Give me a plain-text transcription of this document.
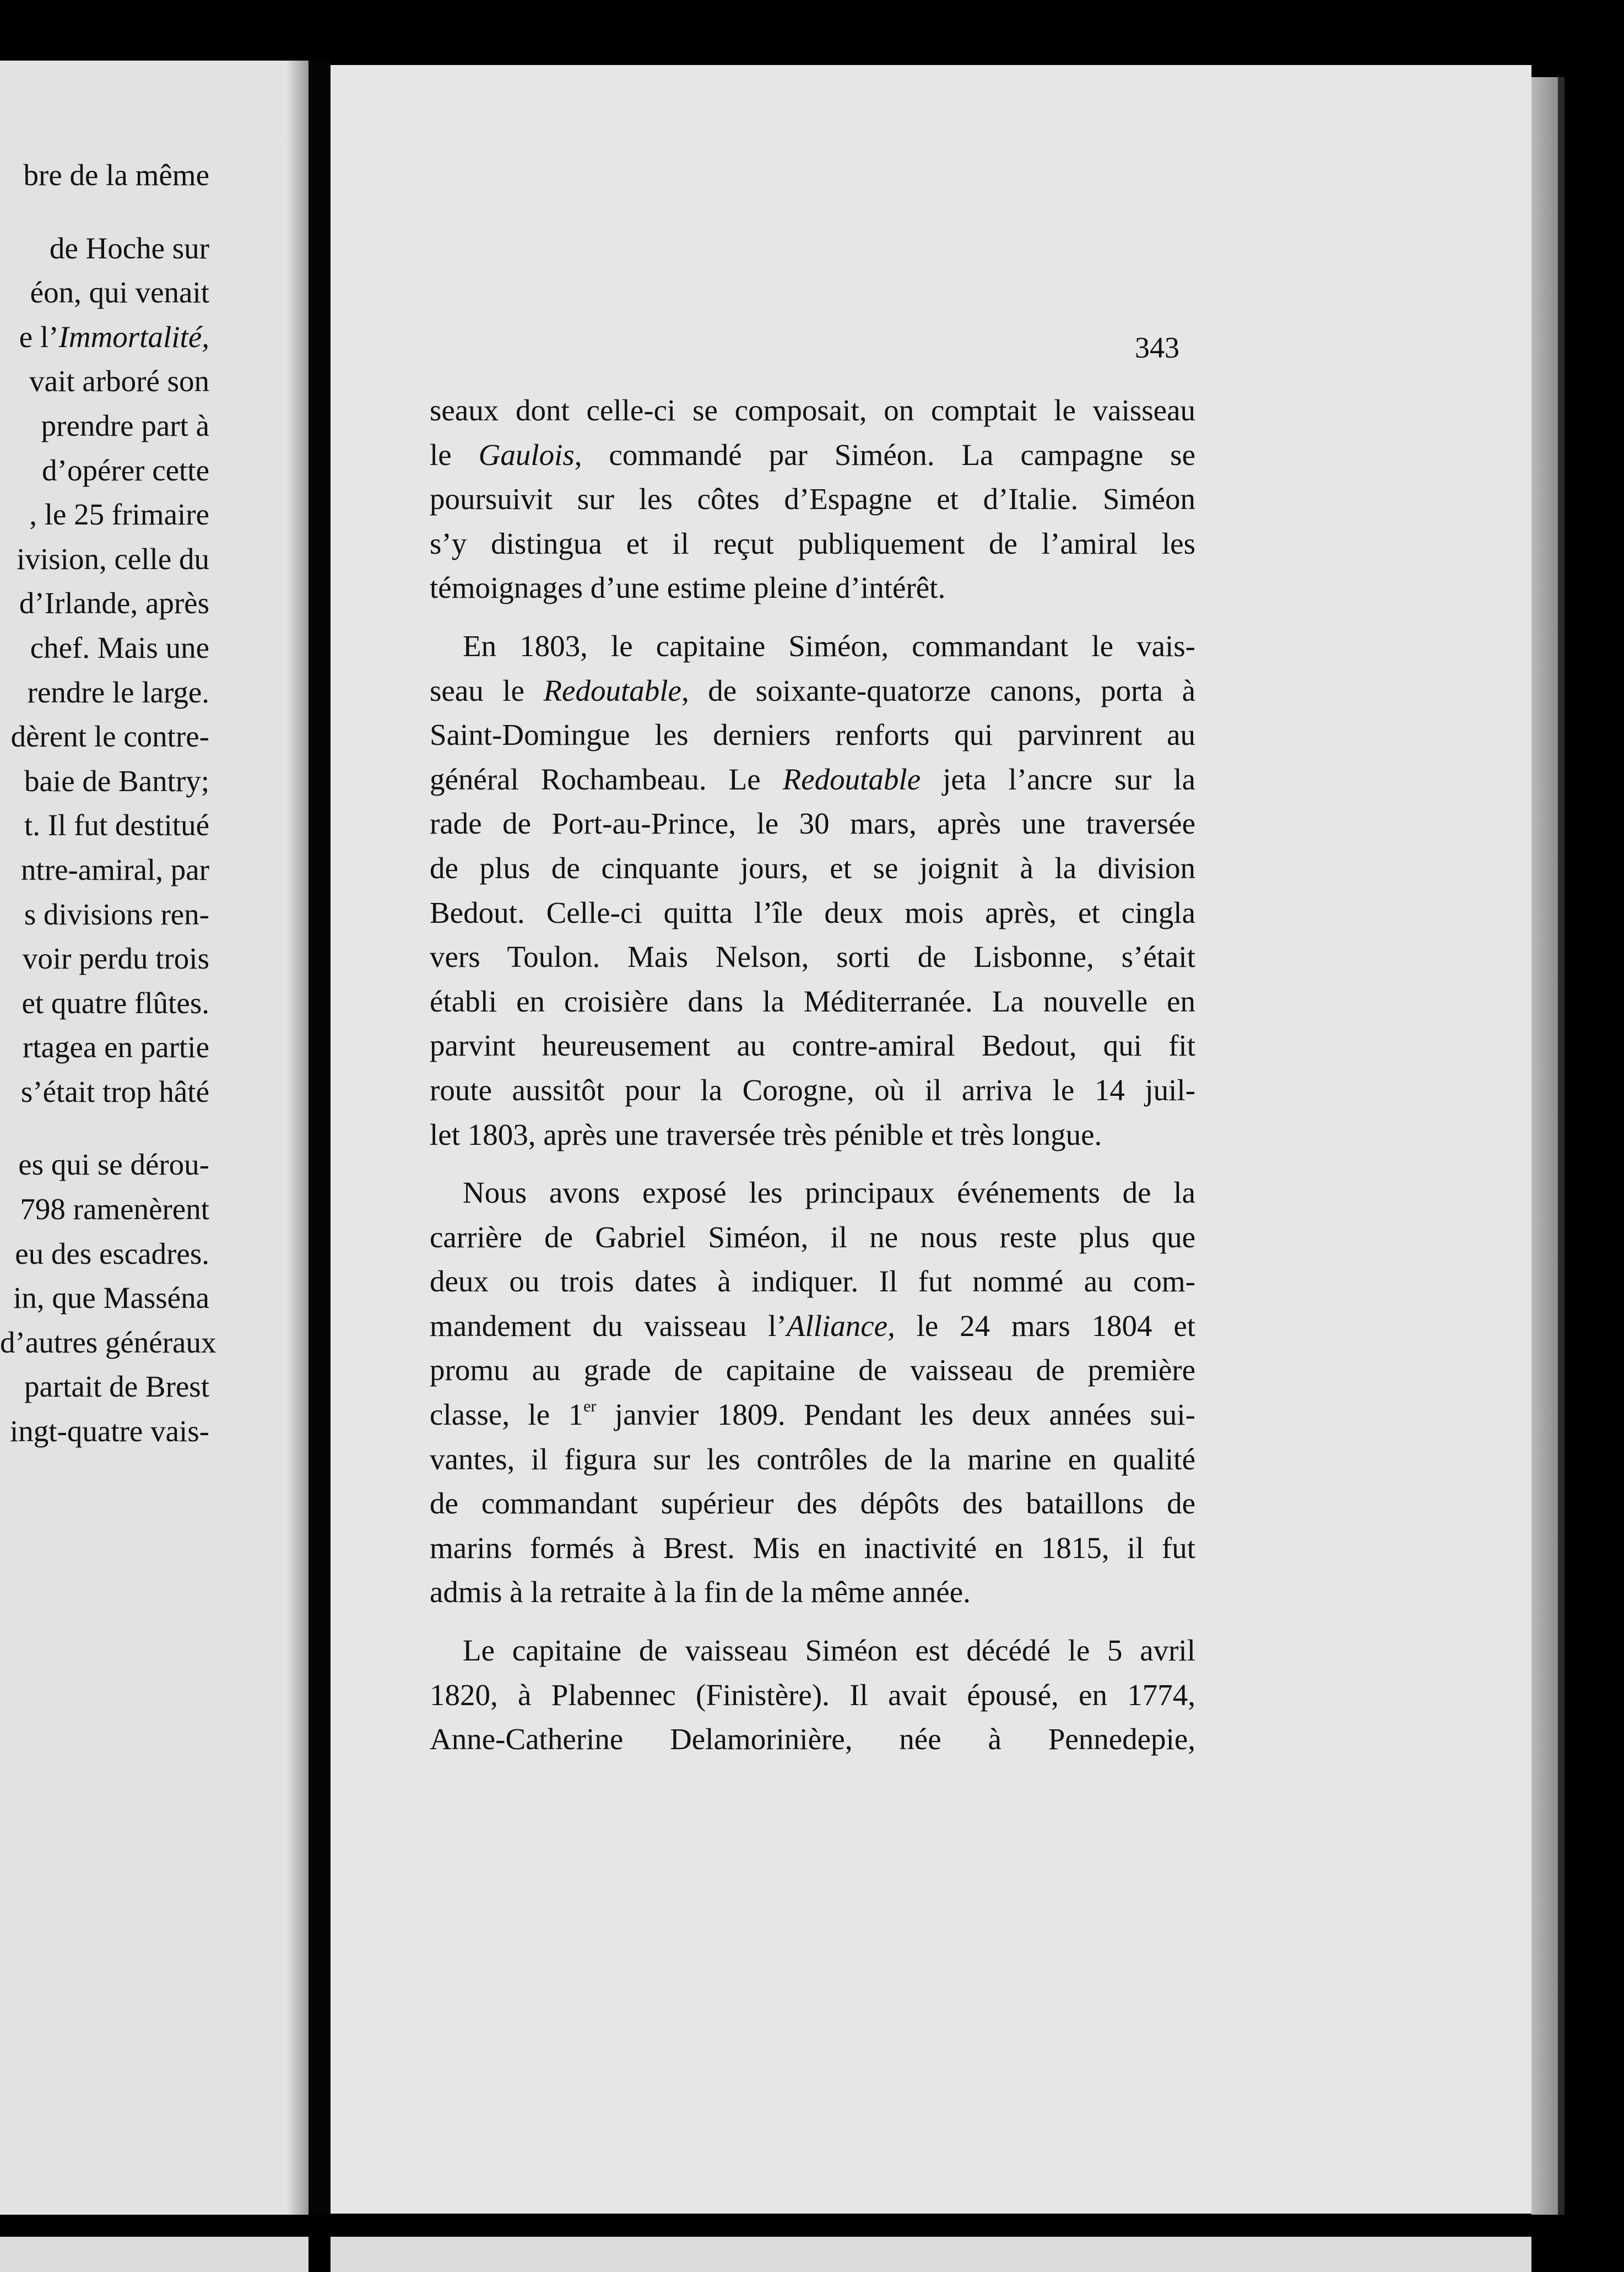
bre de la même
de Hoche sur
éon, qui venait
e l’Immortalité,
vait arboré son
prendre part à
d’opérer cette
, le 25 frimaire
ivision, celle du
d’Irlande, après
chef. Mais une
rendre le large.
dèrent le contre-
baie de Bantry;
t. Il fut destitué
ntre-amiral, par
s divisions ren-
voir perdu trois
et quatre flûtes.
rtagea en partie
s’était trop hâté
es qui se dérou-
798 ramenèrent
eu des escadres.
in, que Masséna
d’autres généraux
partait de Brest
ingt-quatre vais-
343
seaux dont celle-ci se composait, on comptait le vaisseau
le Gaulois, commandé par Siméon. La campagne se
poursuivit sur les côtes d’Espagne et d’Italie. Siméon
s’y distingua et il reçut publiquement de l’amiral les
témoignages d’une estime pleine d’intérêt.
En 1803, le capitaine Siméon, commandant le vais-
seau le Redoutable, de soixante-quatorze canons, porta à
Saint-Domingue les derniers renforts qui parvinrent au
général Rochambeau. Le Redoutable jeta l’ancre sur la
rade de Port-au-Prince, le 30 mars, après une traversée
de plus de cinquante jours, et se joignit à la division
Bedout. Celle-ci quitta l’île deux mois après, et cingla
vers Toulon. Mais Nelson, sorti de Lisbonne, s’était
établi en croisière dans la Méditerranée. La nouvelle en
parvint heureusement au contre-amiral Bedout, qui fit
route aussitôt pour la Corogne, où il arriva le 14 juil-
let 1803, après une traversée très pénible et très longue.
Nous avons exposé les principaux événements de la
carrière de Gabriel Siméon, il ne nous reste plus que
deux ou trois dates à indiquer. Il fut nommé au com-
mandement du vaisseau l’Alliance, le 24 mars 1804 et
promu au grade de capitaine de vaisseau de première
classe, le 1er janvier 1809. Pendant les deux années sui-
vantes, il figura sur les contrôles de la marine en qualité
de commandant supérieur des dépôts des bataillons de
marins formés à Brest. Mis en inactivité en 1815, il fut
admis à la retraite à la fin de la même année.
Le capitaine de vaisseau Siméon est décédé le 5 avril
1820, à Plabennec (Finistère). Il avait épousé, en 1774,
Anne-Catherine Delamorinière, née à Pennedepie,
